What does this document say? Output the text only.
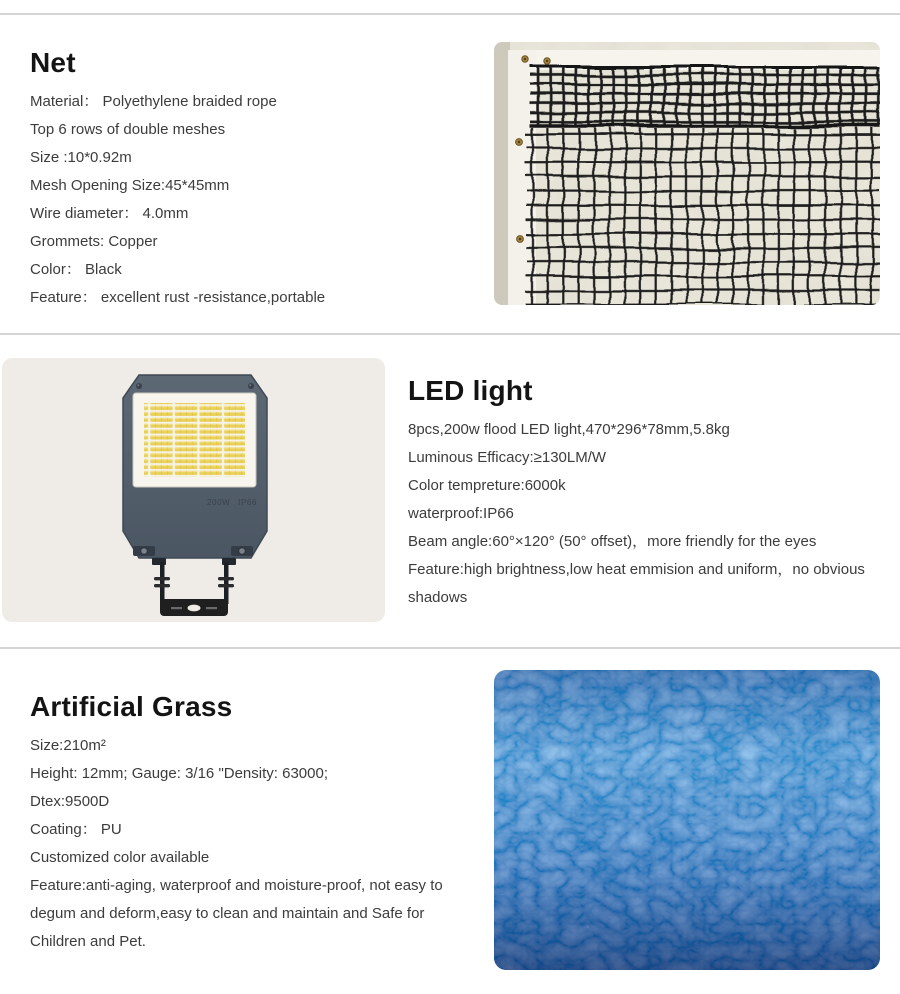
Net
Material： Polyethylene braided rope
Top 6 rows of double meshes
Size :10*0.92m
Mesh Opening Size:45*45mm
Wire diameter： 4.0mm
Grommets: Copper
Color： Black
Feature： excellent rust -resistance,portable
200W IP66
LED light
8pcs,200w flood LED light,470*296*78mm,5.8kg
Luminous Efficacy:≥130LM/W
Color tempreture:6000k
waterproof:IP66
Beam angle:60°×120° (50° offset)，more friendly for the eyes
Feature:high brightness,low heat emmision and uniform，no obvious shadows
Artificial Grass
Size:210m²
Height: 12mm; Gauge: 3/16 "Density: 63000;
Dtex:9500D
Coating： PU
Customized color available
Feature:anti-aging, waterproof and moisture-proof, not easy to degum and deform,easy to clean and maintain and Safe for Children and Pet.
